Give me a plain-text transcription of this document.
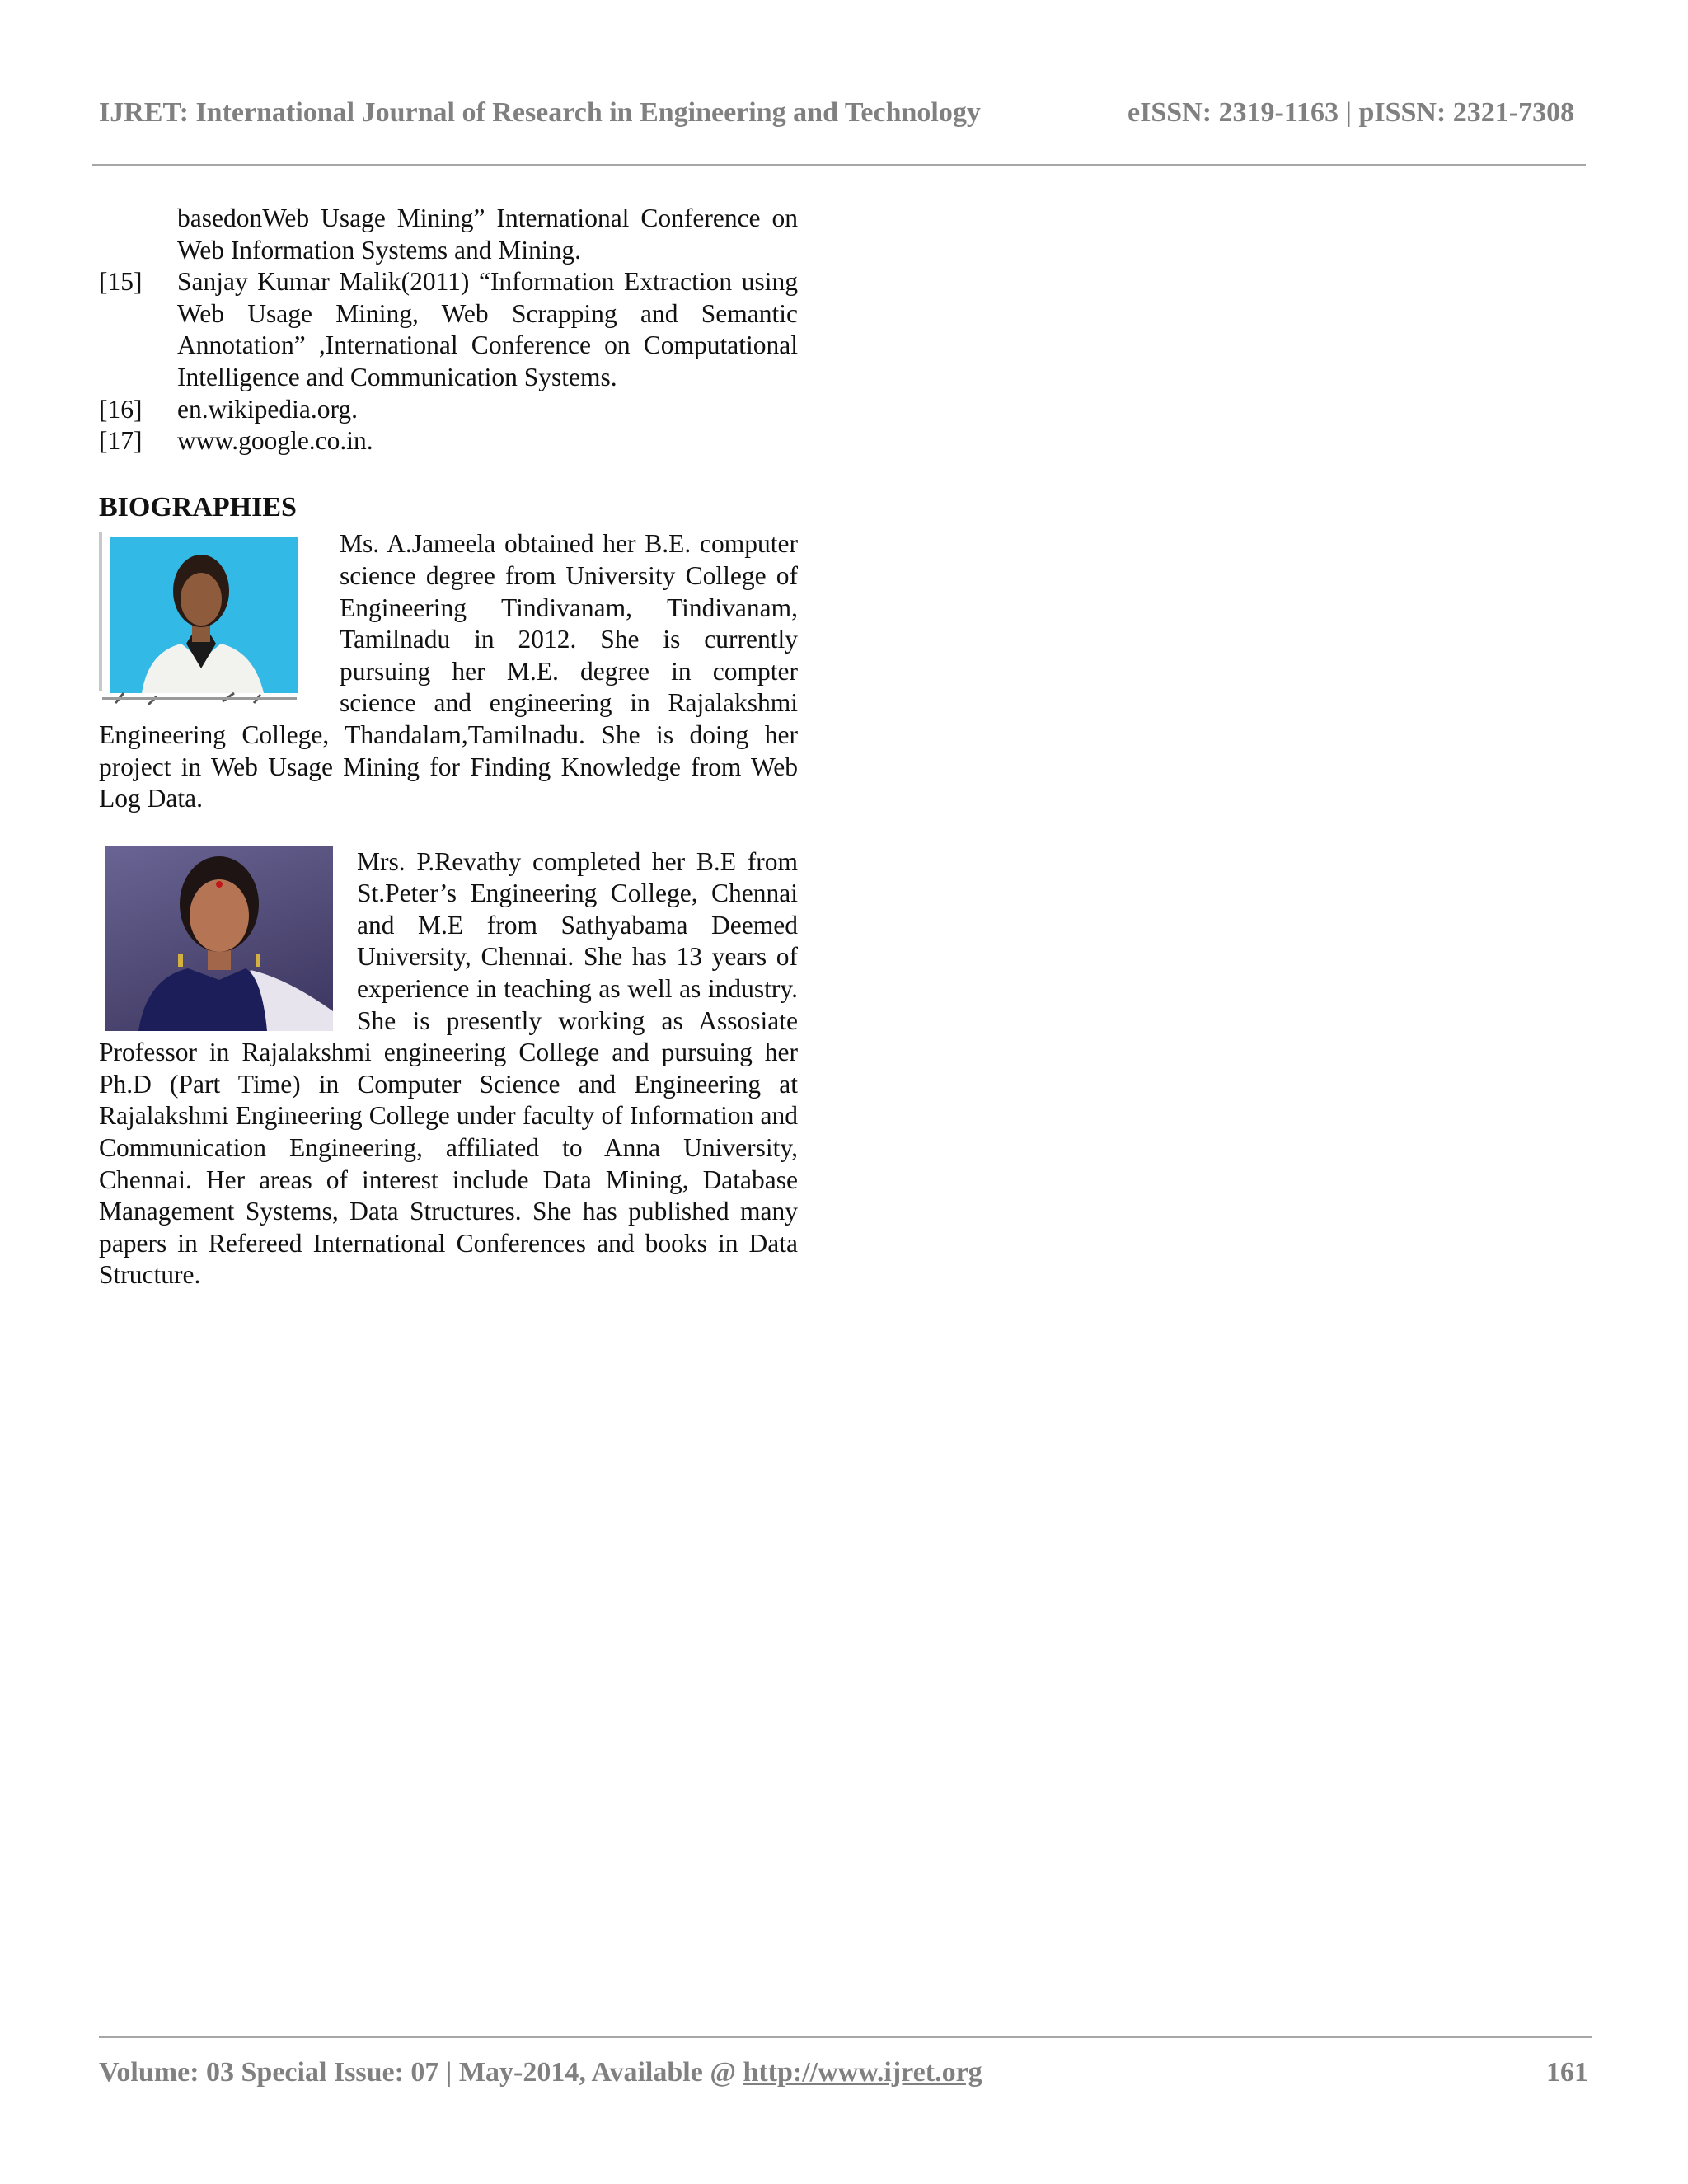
IJRET: International Journal of Research in Engineering and Technology	eISSN: 2319-1163 | pISSN: 2321-7308
basedonWeb Usage Mining” International Conference on Web Information Systems and Mining.
[15] Sanjay Kumar Malik(2011) “Information Extraction using Web Usage Mining, Web Scrapping and Semantic Annotation” ,International Conference on Computational Intelligence and Communication Systems.
[16] en.wikipedia.org.
[17] www.google.co.in.
BIOGRAPHIES

Ms. A.Jameela obtained her B.E. computer science degree from University College of Engineering Tindivanam, Tindivanam, Tamilnadu in 2012. She is currently pursuing her M.E. degree in compter science and engineering in Rajalakshmi Engineering College, Thandalam,Tamilnadu. She is doing her project in Web Usage Mining for Finding Knowledge from Web Log Data.

Mrs. P.Revathy completed her B.E from St.Peter’s Engineering College, Chennai and M.E from Sathyabama Deemed University, Chennai. She has 13 years of experience in teaching as well as industry. She is presently working as Assosiate Professor in Rajalakshmi engineering College and pursuing her Ph.D (Part Time) in Computer Science and Engineering at Rajalakshmi Engineering College under faculty of Information and Communication Engineering, affiliated to Anna University, Chennai. Her areas of interest include Data Mining, Database Management Systems, Data Structures. She has published many papers in Refereed International Conferences and books in Data Structure.

Volume: 03 Special Issue: 07 | May-2014, Available @ http://www.ijret.org	161
